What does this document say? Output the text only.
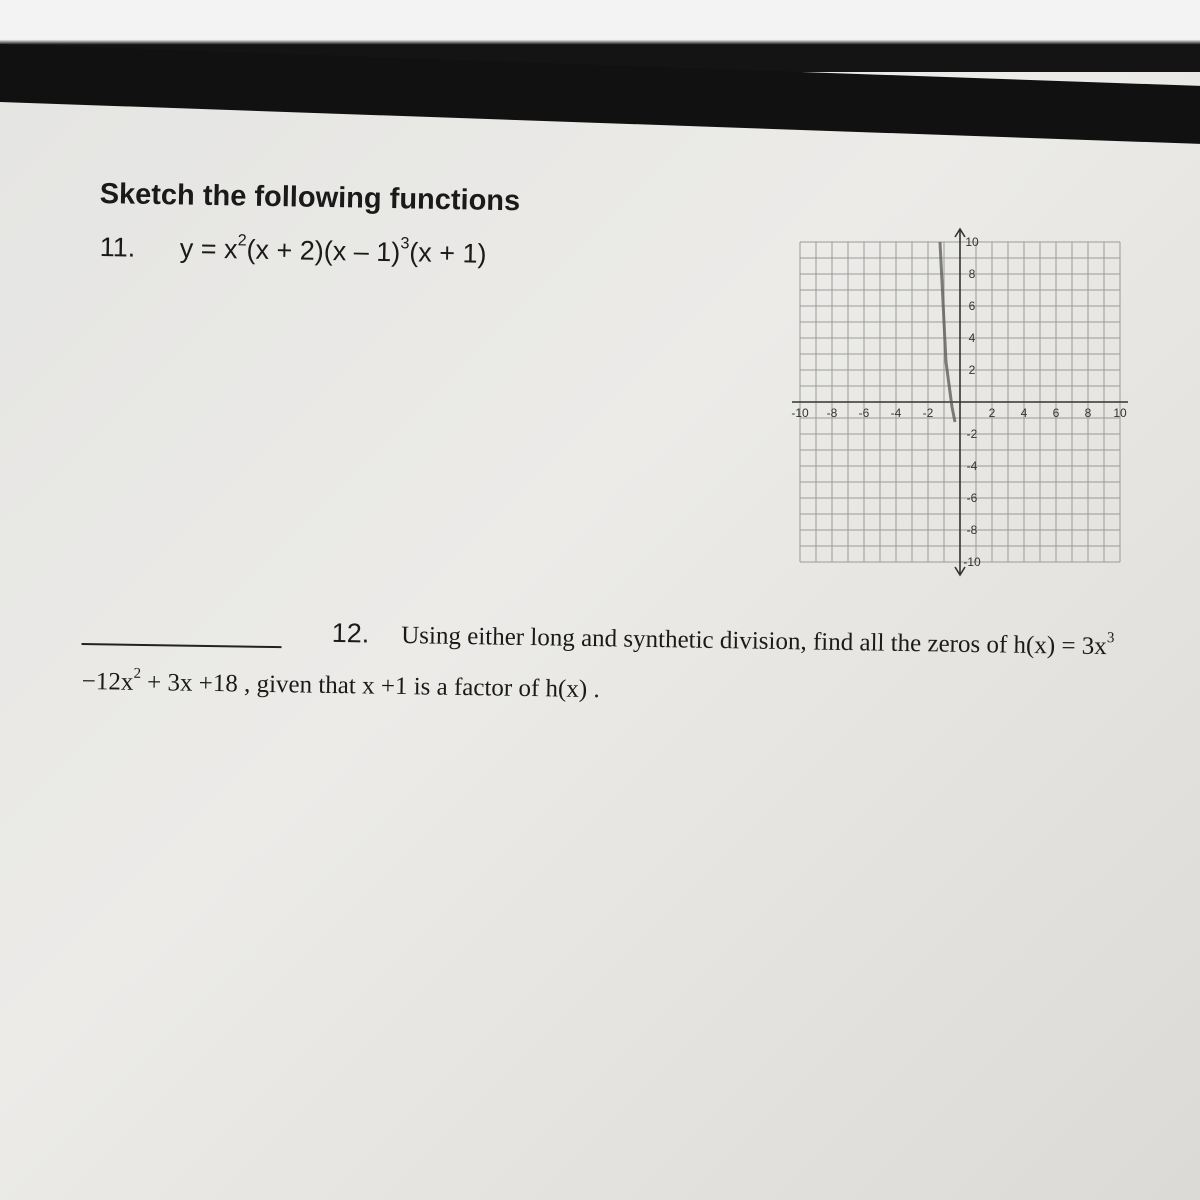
Sketch the following functions
11. $y = x^2(x + 2)(x - 1)^3(x + 1)$
-10 -8 -6 -4 -2	2 4 6 8 10
10
8
6
4
2
-2
-4
-6
-8
-10
12. Using either long and synthetic division, find all the zeros of $h(x) = 3x^3$
$-12x^2 + 3x +18$ , given that x +1 is a factor of h(x) .
